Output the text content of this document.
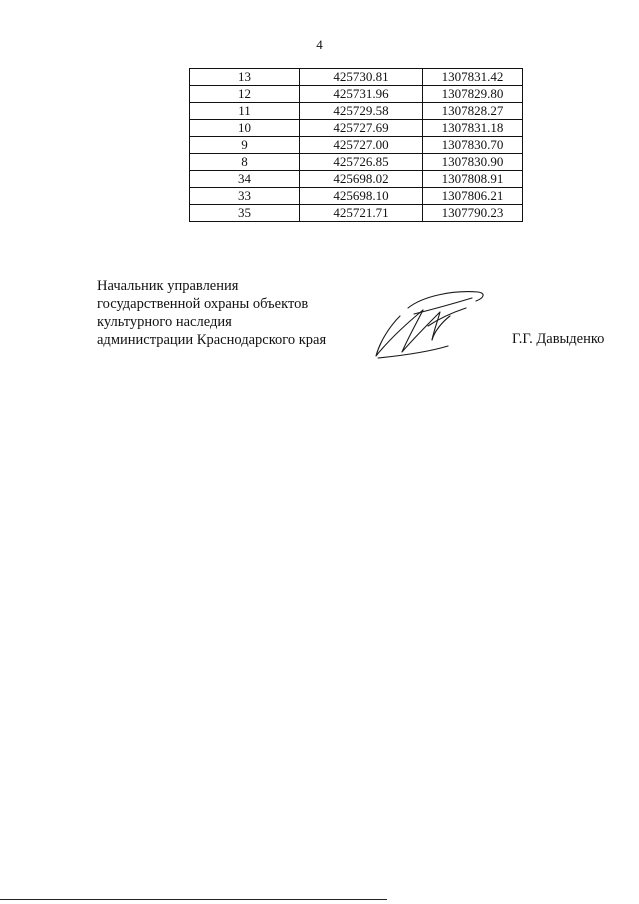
4
13	425730.81	1307831.42
12	425731.96	1307829.80
11	425729.58	1307828.27
10	425727.69	1307831.18
9	425727.00	1307830.70
8	425726.85	1307830.90
34	425698.02	1307808.91
33	425698.10	1307806.21
35	425721.71	1307790.23
Начальник управления
государственной охраны объектов
культурного наследия
администрации Краснодарского края	Г.Г. Давыденко
